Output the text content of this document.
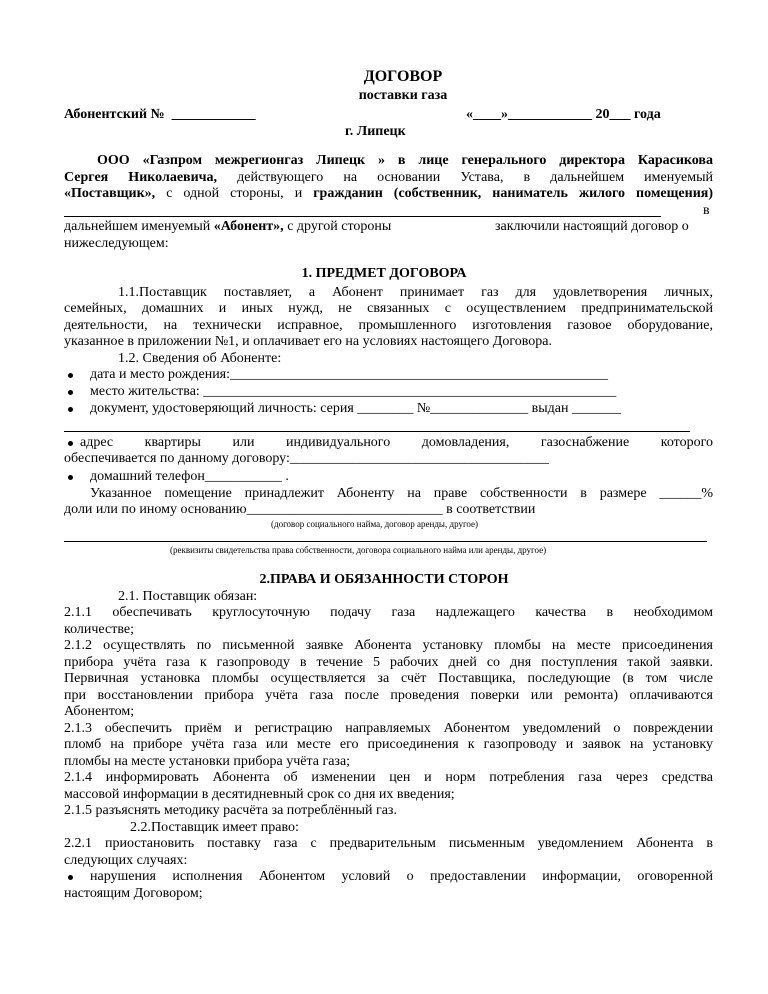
ДОГОВОР
поставки газа
Абонентский № ____________	«____»____________ 20___ года
г. Липецк
ООО «Газпром межрегионгаз Липецк » в лице генерального директора Карасикова
Сергея Николаевича, действующего на основании Устава, в дальнейшем именуемый
«Поставщик», с одной стороны, и гражданин (собственник, наниматель жилого помещения)
в
дальнейшем именуемый «Абонент», с другой стороны	заключили настоящий договор о
нижеследующем:
1. ПРЕДМЕТ ДОГОВОРА
1.1.Поставщик поставляет, а Абонент принимает газ для удовлетворения личных,
семейных, домашних и иных нужд, не связанных с осуществлением предпринимательской
деятельности, на технически исправное, промышленного изготовления газовое оборудование,
указанное в приложении №1, и оплачивает его на условиях настоящего Договора.
1.2. Сведения об Абоненте:
дата и место рождения:______________________________________________________
место жительства: ___________________________________________________________
документ, удостоверяющий личность: серия ________ №______________ выдан _______
адрес квартиры или индивидуального домовладения, газоснабжение которого
обеспечивается по данному договору:_____________________________________
домашний телефон___________ .
Указанное помещение принадлежит Абоненту на праве собственности в размере ______%
доли или по иному основанию____________________________ в соответствии
(договор социального найма, договор аренды, другое)
(реквизиты свидетельства права собственности, договора социального найма или аренды, другое)
2.ПРАВА И ОБЯЗАННОСТИ СТОРОН
2.1. Поставщик обязан:
2.1.1 обеспечивать круглосуточную подачу газа надлежащего качества в необходимом
количестве;
2.1.2 осуществлять по письменной заявке Абонента установку пломбы на месте присоединения
прибора учёта газа к газопроводу в течение 5 рабочих дней со дня поступления такой заявки.
Первичная установка пломбы осуществляется за счёт Поставщика, последующие (в том числе
при восстановлении прибора учёта газа после проведения поверки или ремонта) оплачиваются
Абонентом;
2.1.3 обеспечить приём и регистрацию направляемых Абонентом уведомлений о повреждении
пломб на приборе учёта газа или месте его присоединения к газопроводу и заявок на установку
пломбы на месте установки прибора учёта газа;
2.1.4 информировать Абонента об изменении цен и норм потребления газа через средства
массовой информации в десятидневный срок со дня их введения;
2.1.5 разъяснять методику расчёта за потреблённый газ.
2.2.Поставщик имеет право:
2.2.1 приостановить поставку газа с предварительным письменным уведомлением Абонента в
следующих случаях:
нарушения исполнения Абонентом условий о предоставлении информации, оговоренной
настоящим Договором;
